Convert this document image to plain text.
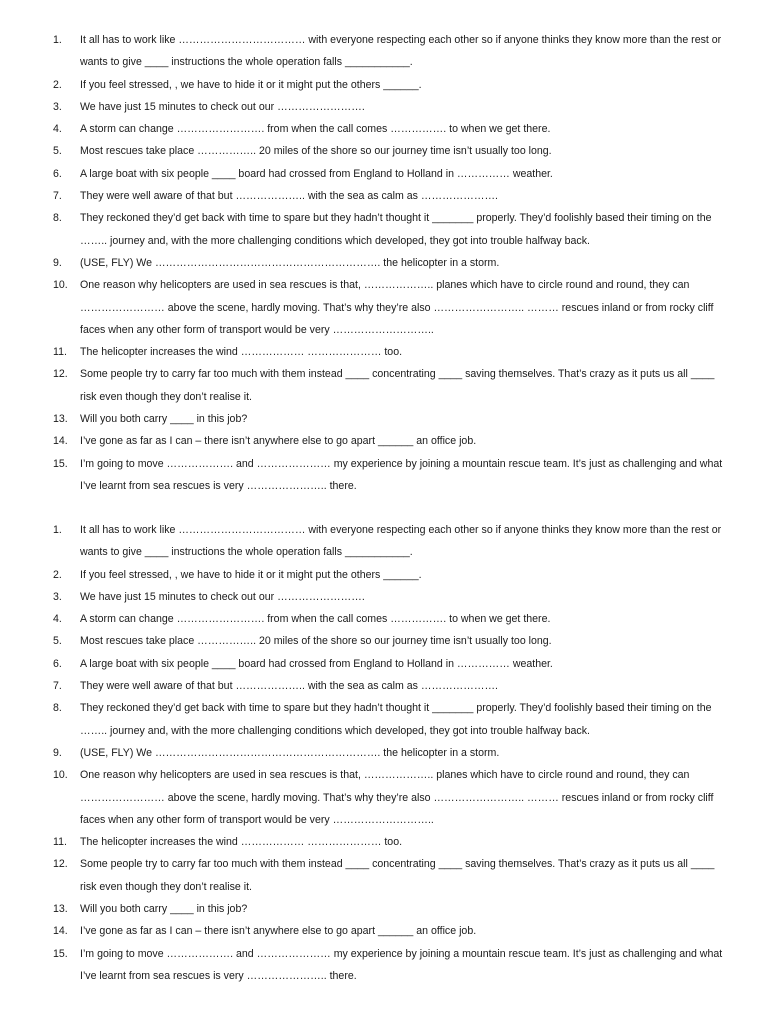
1.	It all has to work like ……………………………… with everyone respecting each other so if anyone thinks they know more than the rest or wants to give ____ instructions the whole operation falls ___________.
2.	If you feel stressed, , we have to hide it or it might put the others ______.
3.	We have just 15 minutes to check out our …………………….
4.	A storm can change ……………………. from when the call comes ……………. to when we get there.
5.	Most rescues take place …………….. 20 miles of the shore so our journey time isn’t usually too long.
6.	A large boat with six people ____ board had crossed from England to Holland in …………… weather.
7.	They were well aware of that but ……………….. with the sea as calm as ………………….
8.	They reckoned they’d get back with time to spare but they hadn’t thought it _______ properly. They’d foolishly based their timing on the …….. journey and, with the more challenging conditions which developed, they got into trouble halfway back.
9.	(USE, FLY) We ………………………………………………………. the helicopter in a storm.
10.	One reason why helicopters are used in sea rescues is that, ……………….. planes which have to circle round and round, they can …………………… above the scene, hardly moving. That’s why they’re also …………………….. ……… rescues inland or from rocky cliff faces when any other form of transport would be very ………………………..
11.	The helicopter increases the wind ……………… ………………… too.
12.	Some people try to carry far too much with them instead ____ concentrating ____ saving themselves. That’s crazy as it puts us all ____ risk even though they don’t realise it.
13.	Will you both carry ____ in this job?
14.	I’ve gone as far as I can – there isn’t anywhere else to go apart ______ an office job.
15.	I’m going to move ………………. and ………………… my experience by joining a mountain rescue team. It’s just as challenging and what I’ve learnt from sea rescues is very ………………….. there.
1.	It all has to work like ……………………………… with everyone respecting each other so if anyone thinks they know more than the rest or wants to give ____ instructions the whole operation falls ___________.
2.	If you feel stressed, , we have to hide it or it might put the others ______.
3.	We have just 15 minutes to check out our …………………….
4.	A storm can change ……………………. from when the call comes ……………. to when we get there.
5.	Most rescues take place …………….. 20 miles of the shore so our journey time isn’t usually too long.
6.	A large boat with six people ____ board had crossed from England to Holland in …………… weather.
7.	They were well aware of that but ……………….. with the sea as calm as ………………….
8.	They reckoned they’d get back with time to spare but they hadn’t thought it _______ properly. They’d foolishly based their timing on the …….. journey and, with the more challenging conditions which developed, they got into trouble halfway back.
9.	(USE, FLY) We ………………………………………………………. the helicopter in a storm.
10.	One reason why helicopters are used in sea rescues is that, ……………….. planes which have to circle round and round, they can …………………… above the scene, hardly moving. That’s why they’re also …………………….. ……… rescues inland or from rocky cliff faces when any other form of transport would be very ………………………..
11.	The helicopter increases the wind ……………… ………………… too.
12.	Some people try to carry far too much with them instead ____ concentrating ____ saving themselves. That’s crazy as it puts us all ____ risk even though they don’t realise it.
13.	Will you both carry ____ in this job?
14.	I’ve gone as far as I can – there isn’t anywhere else to go apart ______ an office job.
15.	I’m going to move ………………. and ………………… my experience by joining a mountain rescue team. It’s just as challenging and what I’ve learnt from sea rescues is very ………………….. there.
